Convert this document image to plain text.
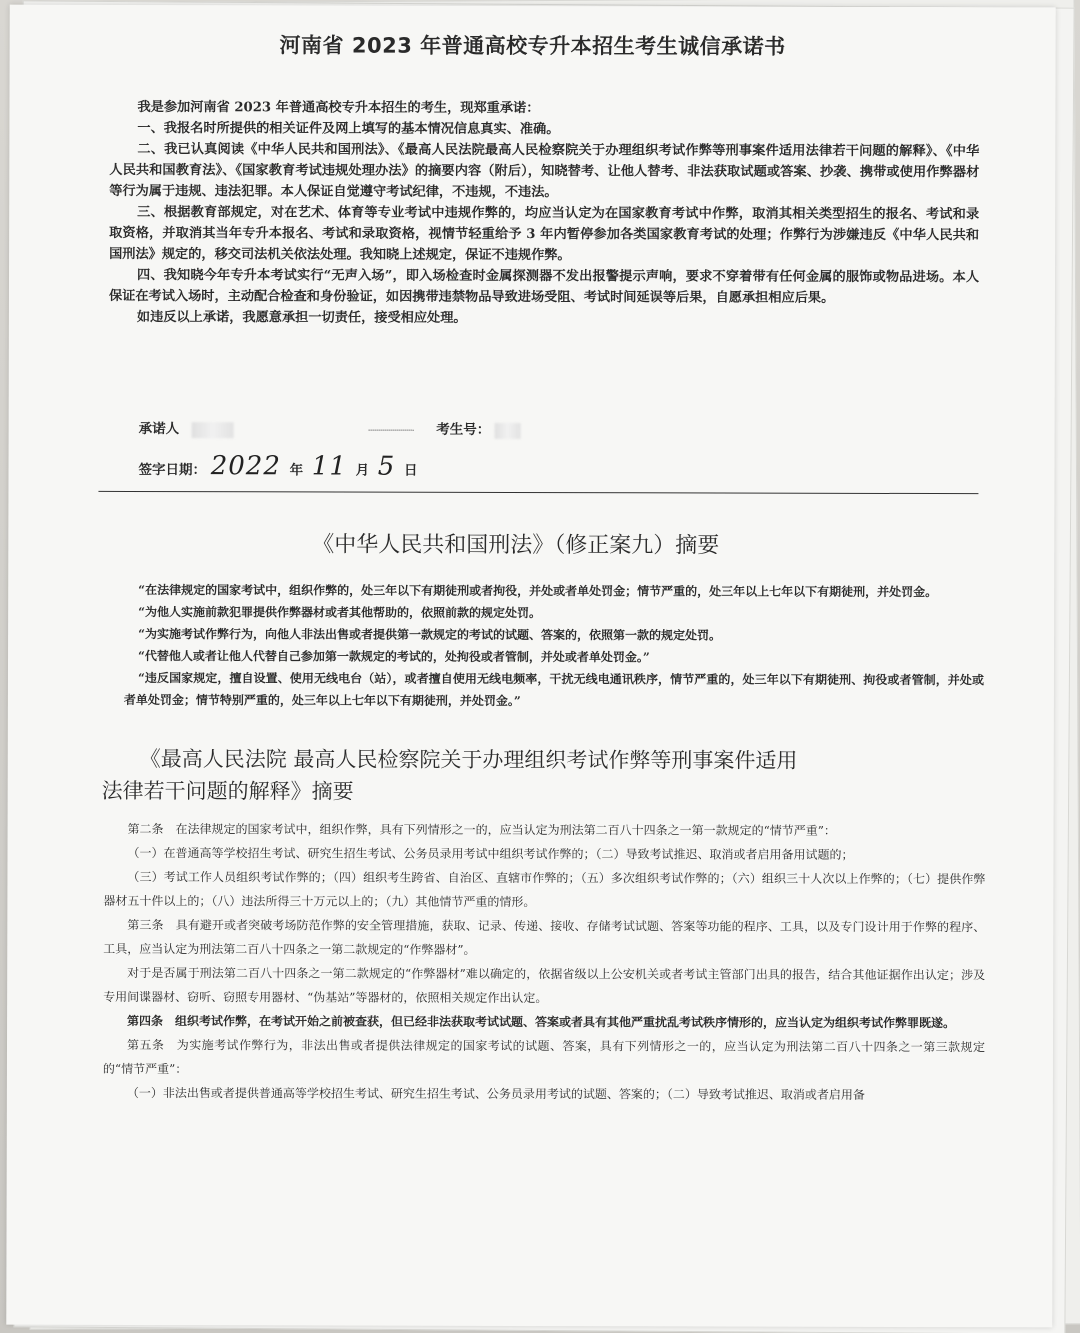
河南省 2023 年普通高校专升本招生考生诚信承诺书

我是参加河南省 2023 年普通高校专升本招生的考生，现郑重承诺：

一、我报名时所提供的相关证件及网上填写的基本情况信息真实、准确。

二、我已认真阅读《中华人民共和国刑法》、《最高人民法院最高人民检察院关于办理组织考试作弊等刑事案件适用法律若干问题的解释》、《中华人民共和国教育法》、《国家教育考试违规处理办法》的摘要内容（附后），知晓替考、让他人替考、非法获取试题或答案、抄袭、携带或使用作弊器材等行为属于违规、违法犯罪。本人保证自觉遵守考试纪律，不违规，不违法。

三、根据教育部规定，对在艺术、体育等专业考试中违规作弊的，均应当认定为在国家教育考试中作弊，取消其相关类型招生的报名、考试和录取资格，并取消其当年专升本报名、考试和录取资格，视情节轻重给予 3 年内暂停参加各类国家教育考试的处理；作弊行为涉嫌违反《中华人民共和国刑法》规定的，移交司法机关依法处理。我知晓上述规定，保证不违规作弊。

四、我知晓今年专升本考试实行“无声入场”，即入场检查时金属探测器不发出报警提示声响，要求不穿着带有任何金属的服饰或物品进场。本人保证在考试入场时，主动配合检查和身份验证，如因携带违禁物品导致进场受阻、考试时间延误等后果，自愿承担相应后果。

如违反以上承诺，我愿意承担一切责任，接受相应处理。

承诺人	考生号：
签字日期： 2022 年 11 月 5 日
《中华人民共和国刑法》（修正案九）摘要

“在法律规定的国家考试中，组织作弊的，处三年以下有期徒刑或者拘役，并处或者单处罚金；情节严重的，处三年以上七年以下有期徒刑，并处罚金。

“为他人实施前款犯罪提供作弊器材或者其他帮助的，依照前款的规定处罚。

“为实施考试作弊行为，向他人非法出售或者提供第一款规定的考试的试题、答案的，依照第一款的规定处罚。

“代替他人或者让他人代替自己参加第一款规定的考试的，处拘役或者管制，并处或者单处罚金。”

“违反国家规定，擅自设置、使用无线电台（站），或者擅自使用无线电频率，干扰无线电通讯秩序，情节严重的，处三年以下有期徒刑、拘役或者管制，并处或者单处罚金；情节特别严重的，处三年以上七年以下有期徒刑，并处罚金。”

《最高人民法院 最高人民检察院关于办理组织考试作弊等刑事案件适用
法律若干问题的解释》摘要

第二条　在法律规定的国家考试中，组织作弊，具有下列情形之一的，应当认定为刑法第二百八十四条之一第一款规定的“情节严重”：

（一）在普通高等学校招生考试、研究生招生考试、公务员录用考试中组织考试作弊的；（二）导致考试推迟、取消或者启用备用试题的；

（三）考试工作人员组织考试作弊的；（四）组织考生跨省、自治区、直辖市作弊的；（五）多次组织考试作弊的；（六）组织三十人次以上作弊的；（七）提供作弊器材五十件以上的；（八）违法所得三十万元以上的；（九）其他情节严重的情形。

第三条　具有避开或者突破考场防范作弊的安全管理措施，获取、记录、传递、接收、存储考试试题、答案等功能的程序、工具，以及专门设计用于作弊的程序、工具，应当认定为刑法第二百八十四条之一第二款规定的“作弊器材”。

对于是否属于刑法第二百八十四条之一第二款规定的“作弊器材”难以确定的，依据省级以上公安机关或者考试主管部门出具的报告，结合其他证据作出认定；涉及专用间谍器材、窃听、窃照专用器材、“伪基站”等器材的，依照相关规定作出认定。

第四条　组织考试作弊，在考试开始之前被查获，但已经非法获取考试试题、答案或者具有其他严重扰乱考试秩序情形的，应当认定为组织考试作弊罪既遂。

第五条　为实施考试作弊行为，非法出售或者提供法律规定的国家考试的试题、答案，具有下列情形之一的，应当认定为刑法第二百八十四条之一第三款规定的“情节严重”：

（一）非法出售或者提供普通高等学校招生考试、研究生招生考试、公务员录用考试的试题、答案的；（二）导致考试推迟、取消或者启用备
